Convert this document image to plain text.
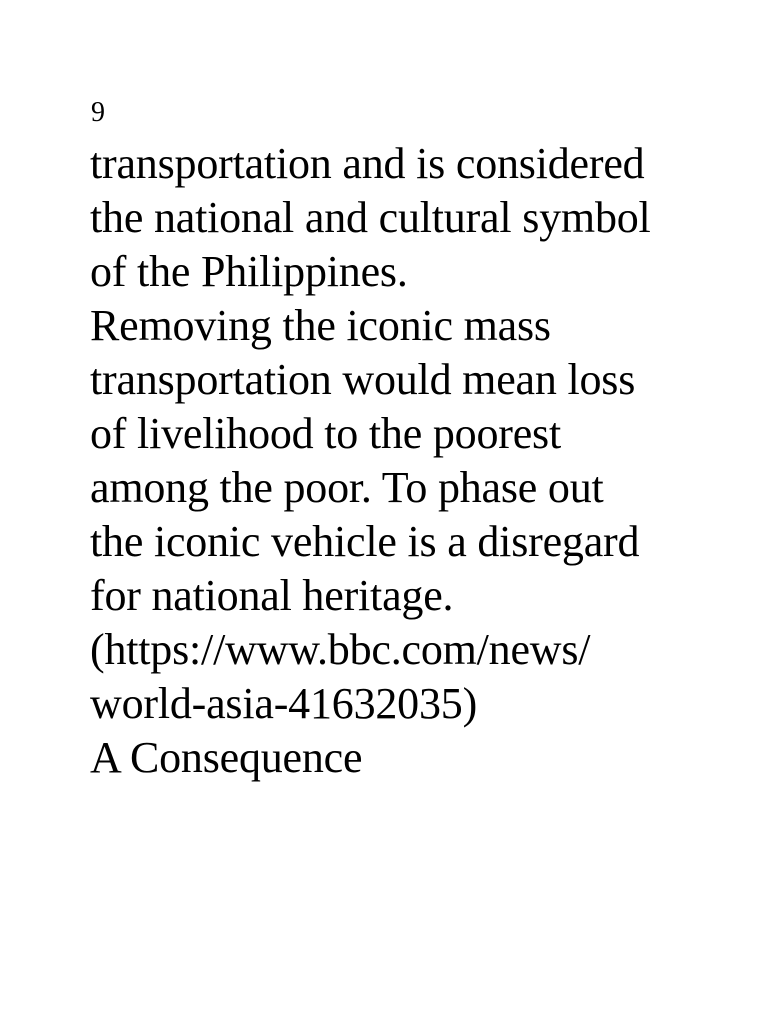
9

transportation and is considered
the national and cultural symbol
of the Philippines.
Removing the iconic mass
transportation would mean loss
of livelihood to the poorest
among the poor. To phase out
the iconic vehicle is a disregard
for national heritage.
(https://www.bbc.com/news/
world-asia-41632035)
A Consequence
